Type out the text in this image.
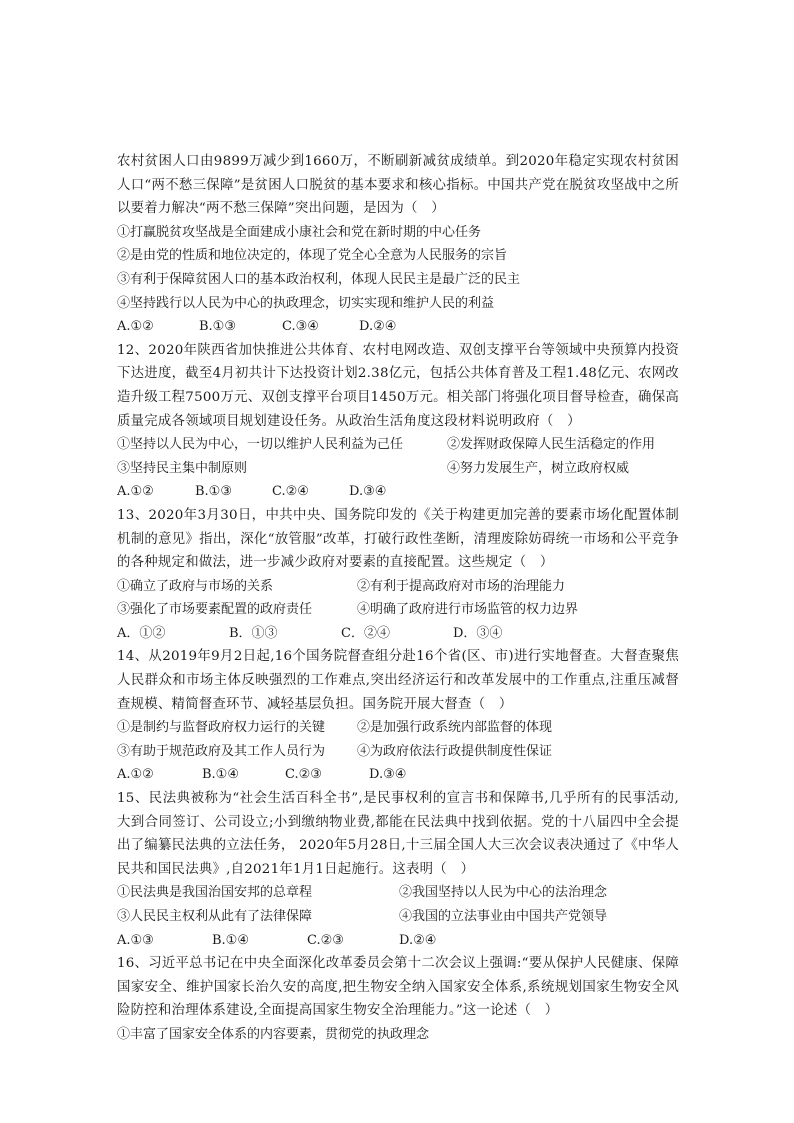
农村贫困人口由9899万减少到1660万，不断刷新减贫成绩单。到2020年稳定实现农村贫困人口“两不愁三保障”是贫困人口脱贫的基本要求和核心指标。中国共产党在脱贫攻坚战中之所以要着力解决“两不愁三保障”突出问题，是因为（　）

①打赢脱贫攻坚战是全面建成小康社会和党在新时期的中心任务

②是由党的性质和地位决定的，体现了党全心全意为人民服务的宗旨

③有利于保障贫困人口的基本政治权利，体现人民民主是最广泛的民主

④坚持践行以人民为中心的执政理念，切实实现和维护人民的利益

A.①②	B.①③	C.③④	D.②④

12、2020年陕西省加快推进公共体育、农村电网改造、双创支撑平台等领域中央预算内投资下达进度，截至4月初共计下达投资计划2.38亿元，包括公共体育普及工程1.48亿元、农网改造升级工程7500万元、双创支撑平台项目1450万元。相关部门将强化项目督导检查，确保高质量完成各领域项目规划建设任务。从政治生活角度这段材料说明政府（　）

①坚持以人民为中心，一切以维护人民利益为己任	②发挥财政保障人民生活稳定的作用
③坚持民主集中制原则	④努力发展生产，树立政府权威
A.①②	B.①③	C.②④	D.③④

13、2020年3月30日，中共中央、国务院印发的《关于构建更加完善的要素市场化配置体制机制的意见》指出，深化“放管服”改革，打破行政性垄断，清理废除妨碍统一市场和公平竞争的各种规定和做法，进一步减少政府对要素的直接配置。这些规定（　）

①确立了政府与市场的关系	②有利于提高政府对市场的治理能力
③强化了市场要素配置的政府责任	④明确了政府进行市场监管的权力边界
A．①②	B．①③	C．②④	D．③④

14、从2019年9月2日起,16个国务院督查组分赴16个省(区、市)进行实地督查。大督查聚焦人民群众和市场主体反映强烈的工作难点,突出经济运行和改革发展中的工作重点,注重压减督查规模、精简督查环节、减轻基层负担。国务院开展大督查（　）

①是制约与监督政府权力运行的关键	②是加强行政系统内部监督的体现
③有助于规范政府及其工作人员行为	④为政府依法行政提供制度性保证
A.①②	B.①④	C.②③	D.③④

15、民法典被称为“社会生活百科全书”,是民事权利的宣言书和保障书,几乎所有的民事活动,大到合同签订、公司设立;小到缴纳物业费,都能在民法典中找到依据。党的十八届四中全会提出了编纂民法典的立法任务， 2020年5月28日,十三届全国人大三次会议表决通过了《中华人民共和国民法典》,自2021年1月1日起施行。这表明（　）

①民法典是我国治国安邦的总章程	②我国坚持以人民为中心的法治理念
③人民民主权利从此有了法律保障	④我国的立法事业由中国共产党领导
A.①③	B.①④	C.②③	D.②④

16、习近平总书记在中央全面深化改革委员会第十二次会议上强调:“要从保护人民健康、保障国家安全、维护国家长治久安的高度,把生物安全纳入国家安全体系,系统规划国家生物安全风险防控和治理体系建设,全面提高国家生物安全治理能力。”这一论述（　）

①丰富了国家安全体系的内容要素，贯彻党的执政理念
